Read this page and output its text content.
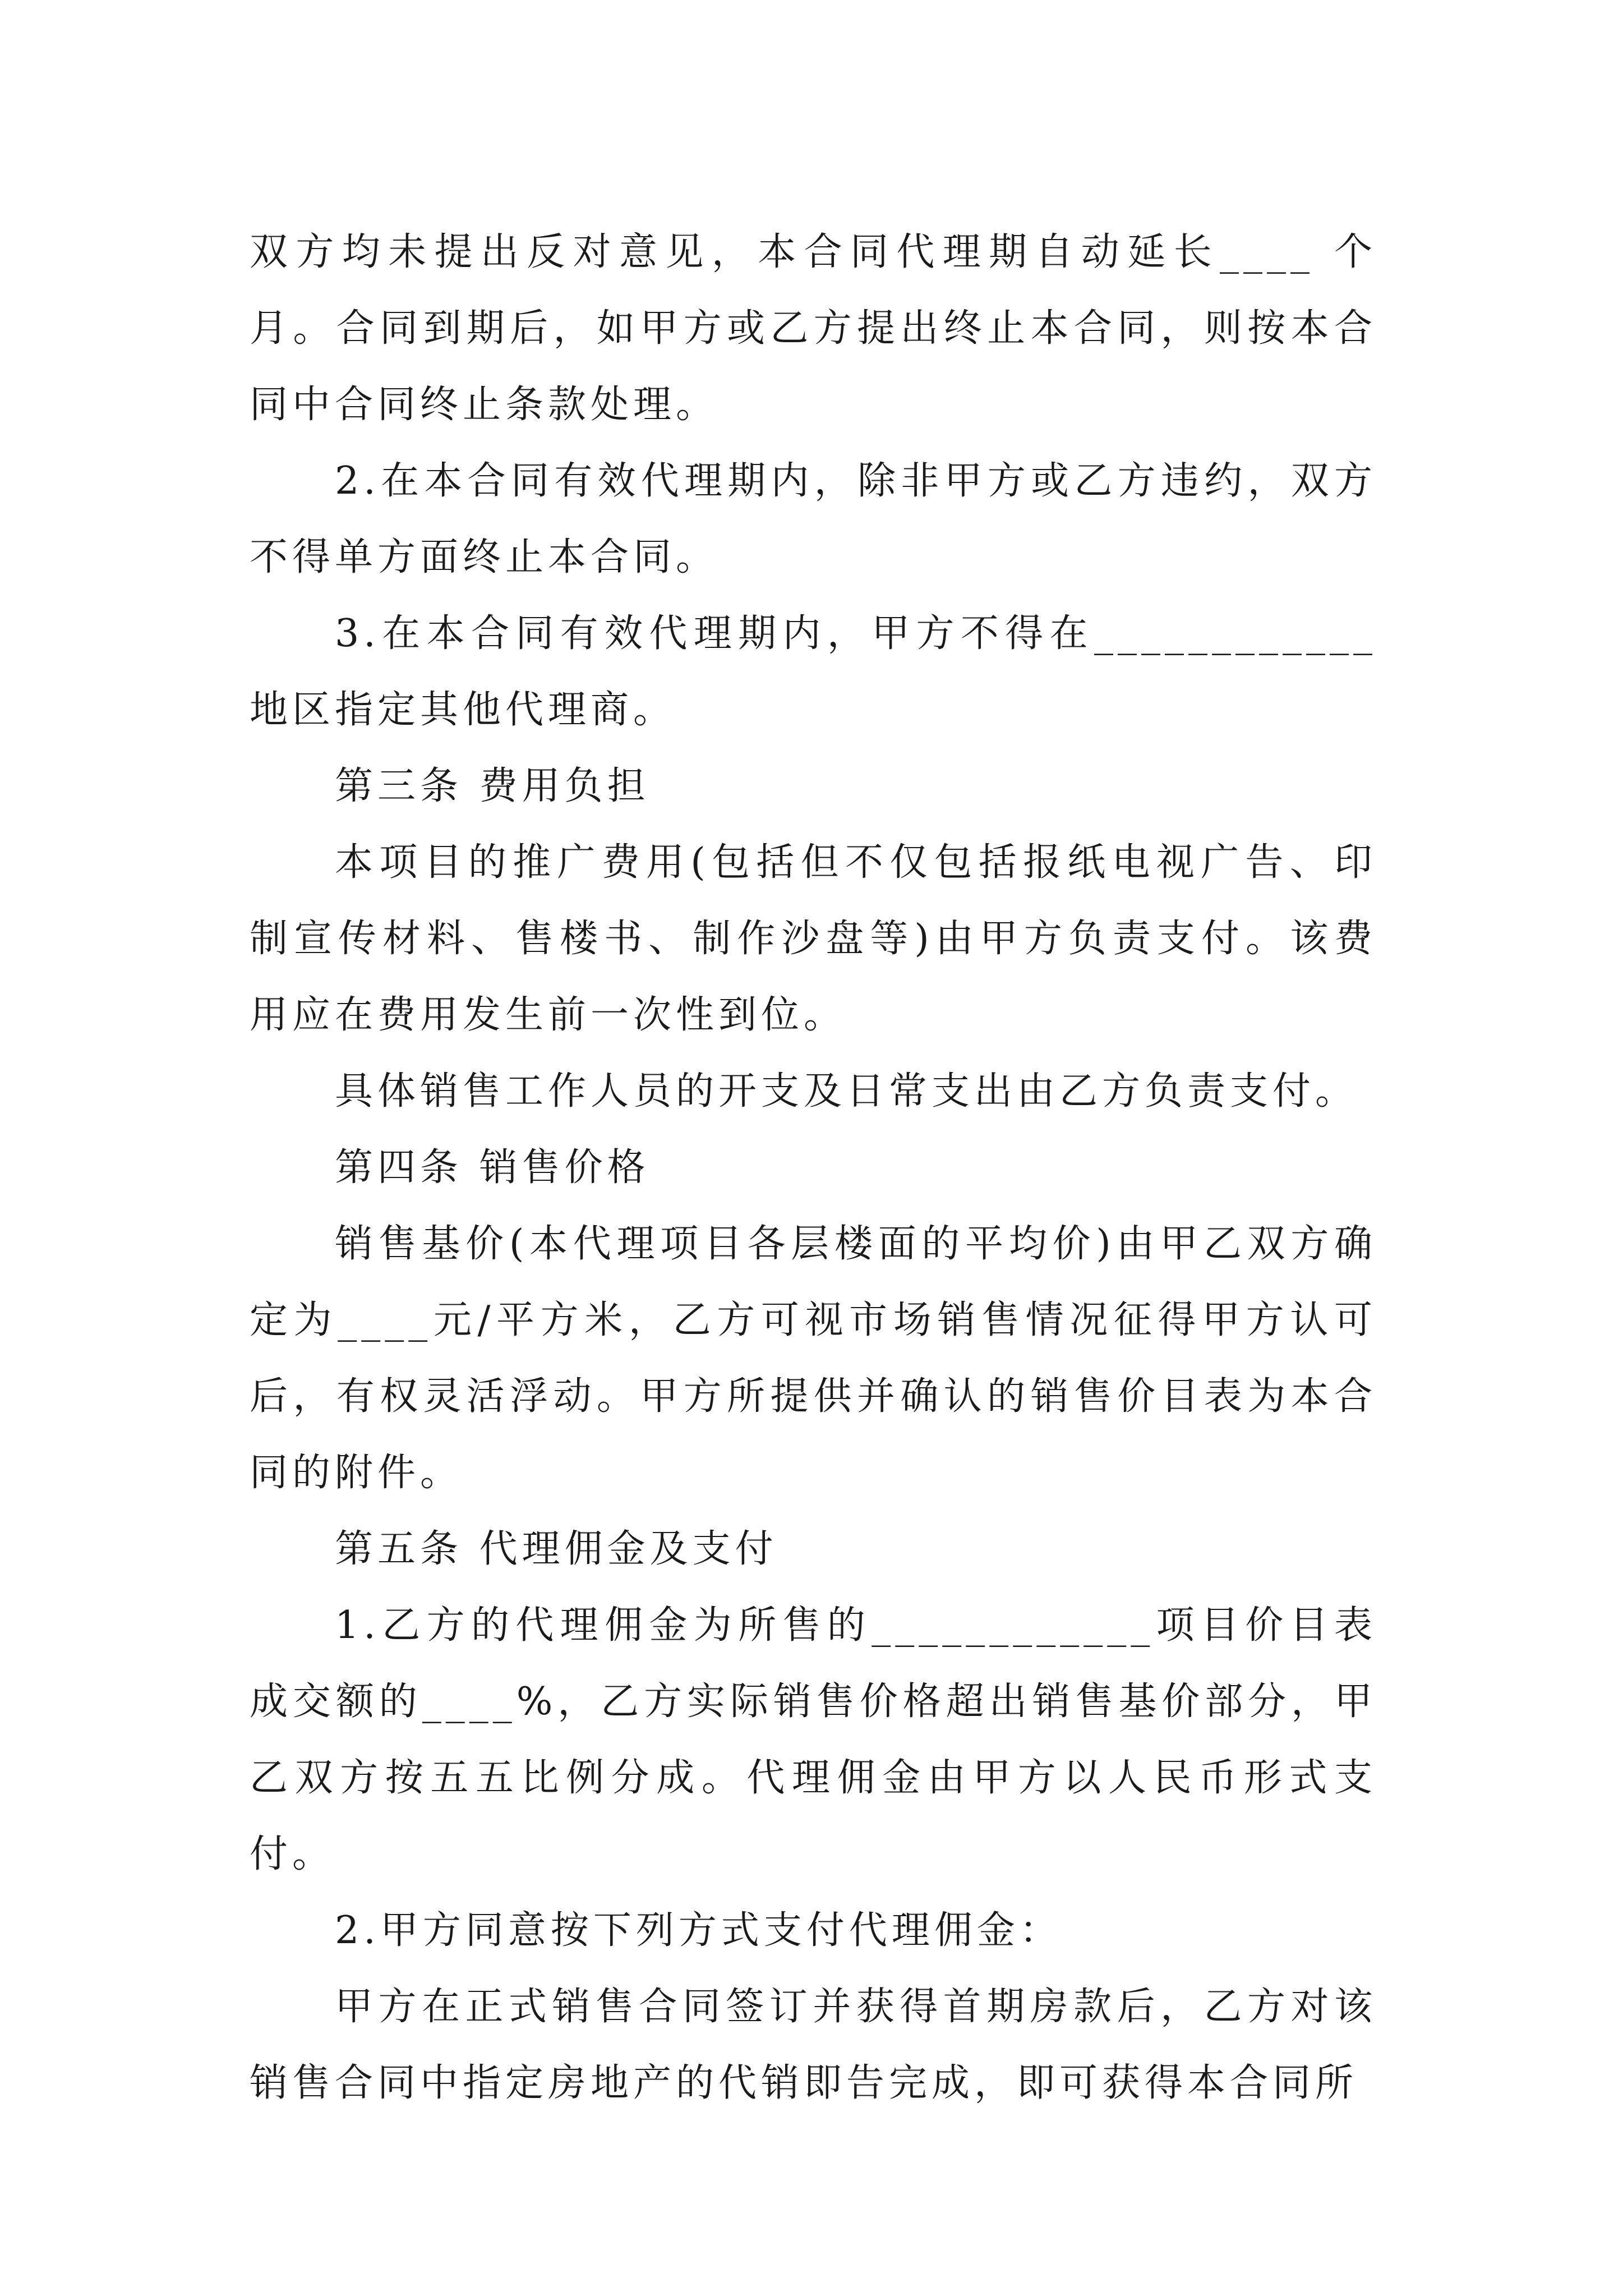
双方均未提出反对意见，本合同代理期自动延长____ 个月。合同到期后，如甲方或乙方提出终止本合同，则按本合同中合同终止条款处理。

2.在本合同有效代理期内，除非甲方或乙方违约，双方不得单方面终止本合同。

3.在本合同有效代理期内，甲方不得在____________地区指定其他代理商。

第三条 费用负担

本项目的推广费用(包括但不仅包括报纸电视广告、印制宣传材料、售楼书、制作沙盘等)由甲方负责支付。该费用应在费用发生前一次性到位。

具体销售工作人员的开支及日常支出由乙方负责支付。

第四条 销售价格

销售基价(本代理项目各层楼面的平均价)由甲乙双方确定为____元/平方米，乙方可视市场销售情况征得甲方认可后，有权灵活浮动。甲方所提供并确认的销售价目表为本合同的附件。

第五条 代理佣金及支付

1.乙方的代理佣金为所售的____________项目价目表成交额的____%，乙方实际销售价格超出销售基价部分，甲乙双方按五五比例分成。代理佣金由甲方以人民币形式支付。

2.甲方同意按下列方式支付代理佣金：

甲方在正式销售合同签订并获得首期房款后，乙方对该销售合同中指定房地产的代销即告完成，即可获得本合同所
